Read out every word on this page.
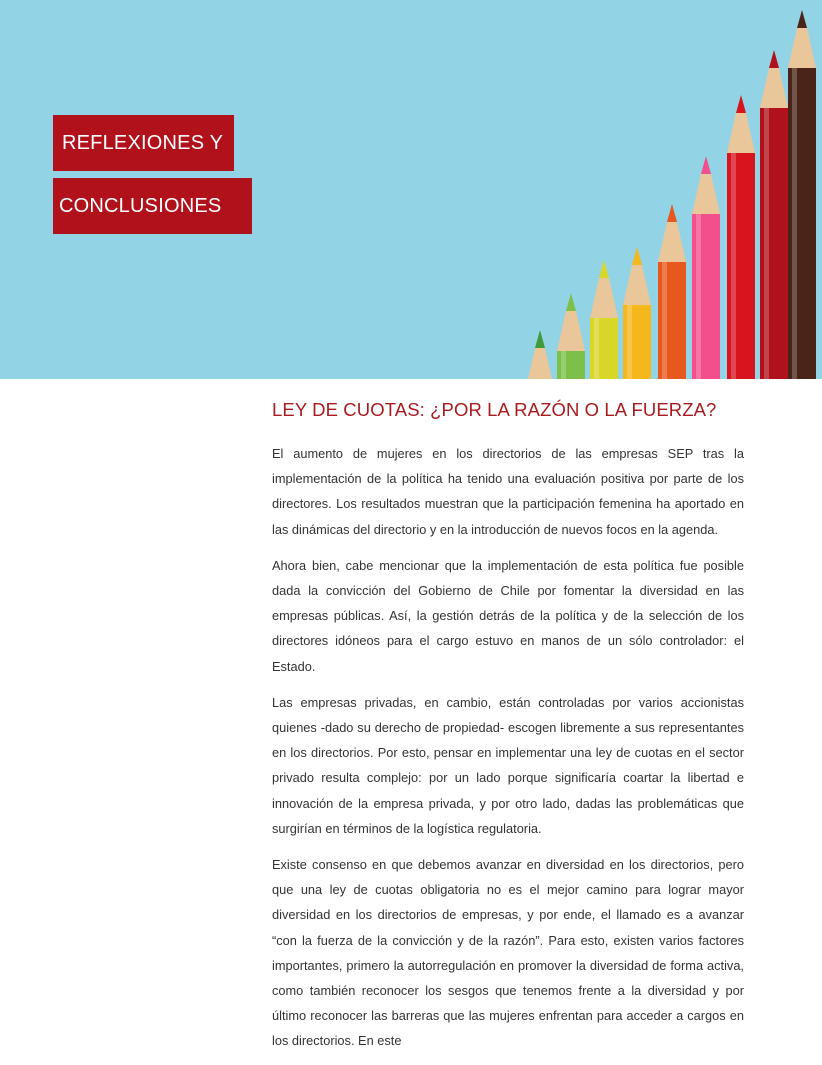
REFLEXIONES Y
CONCLUSIONES
LEY DE CUOTAS: ¿POR LA RAZÓN O LA FUERZA?

El aumento de mujeres en los directorios de las empresas SEP tras la implementación de la política ha tenido una evaluación positiva por parte de los directores. Los resultados muestran que la participación femenina ha aportado en las dinámicas del directorio y en la introducción de nuevos focos en la agenda.

Ahora bien, cabe mencionar que la implementación de esta política fue posible dada la convicción del Gobierno de Chile por fomentar la diversidad en las empresas públicas. Así, la gestión detrás de la política y de la selección de los directores idóneos para el cargo estuvo en manos de un sólo controlador: el Estado.

Las empresas privadas, en cambio, están controladas por varios accionistas quienes -dado su derecho de propiedad- escogen libremente a sus representantes en los directorios. Por esto, pensar en implementar una ley de cuotas en el sector privado resulta complejo: por un lado porque significaría coartar la libertad e innovación de la empresa privada, y por otro lado, dadas las problemáticas que surgirían en términos de la logística regulatoria.

Existe consenso en que debemos avanzar en diversidad en los directorios, pero que una ley de cuotas obligatoria no es el mejor camino para lograr mayor diversidad en los directorios de empresas, y por ende, el llamado es a avanzar “con la fuerza de la convicción y de la razón”. Para esto, existen varios factores importantes, primero la autorregulación en promover la diversidad de forma activa, como también reconocer los sesgos que tenemos frente a la diversidad y por último reconocer las barreras que las mujeres enfrentan para acceder a cargos en los directorios. En este
